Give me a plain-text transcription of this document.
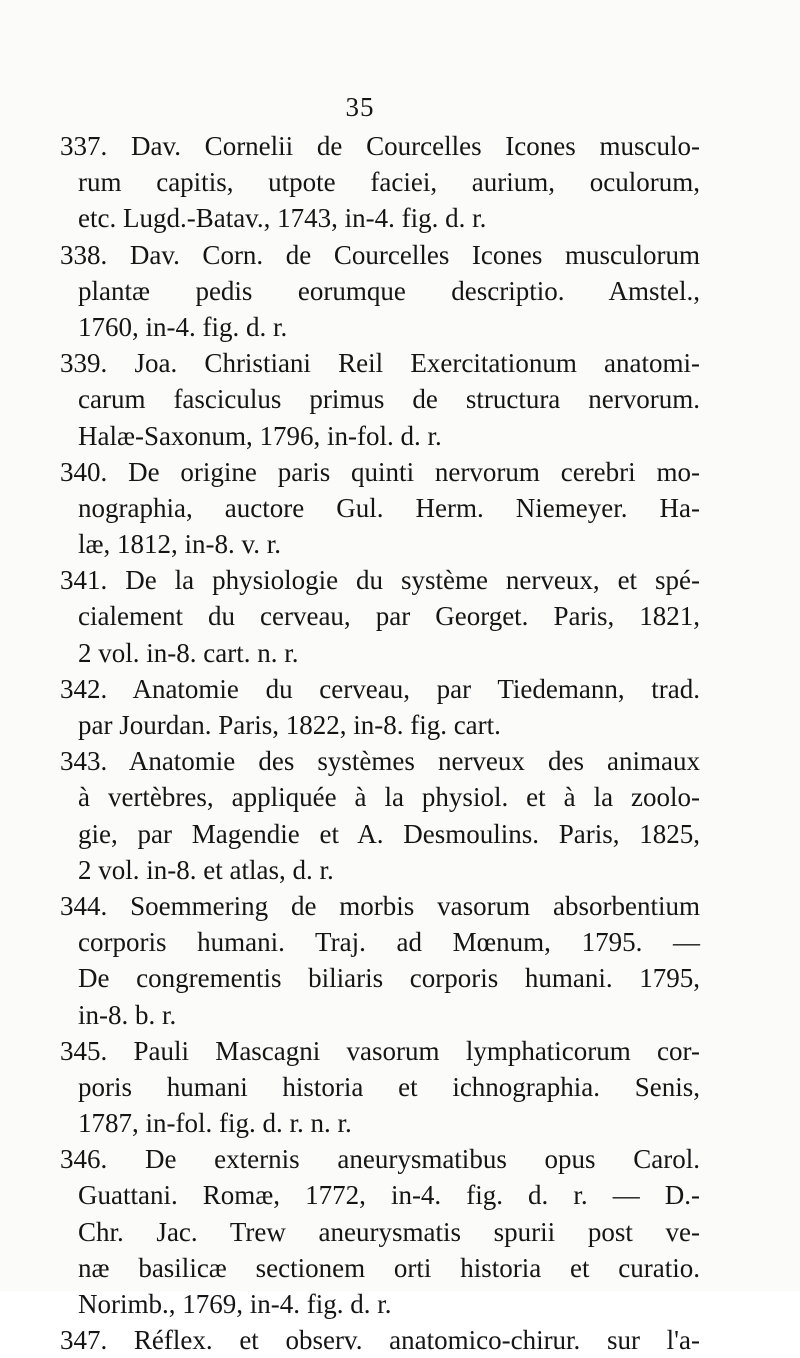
35
337. Dav. Cornelii de Courcelles Icones musculo-
rum capitis, utpote faciei, aurium, oculorum,
etc. Lugd.-Batav., 1743, in-4. fig. d. r.
338. Dav. Corn. de Courcelles Icones musculorum
plantæ pedis eorumque descriptio. Amstel.,
1760, in-4. fig. d. r.
339. Joa. Christiani Reil Exercitationum anatomi-
carum fasciculus primus de structura nervorum.
Halæ-Saxonum, 1796, in-fol. d. r.
340. De origine paris quinti nervorum cerebri mo-
nographia, auctore Gul. Herm. Niemeyer. Ha-
læ, 1812, in-8. v. r.
341. De la physiologie du système nerveux, et spé-
cialement du cerveau, par Georget. Paris, 1821,
2 vol. in-8. cart. n. r.
342. Anatomie du cerveau, par Tiedemann, trad.
par Jourdan. Paris, 1822, in-8. fig. cart.
343. Anatomie des systèmes nerveux des animaux
à vertèbres, appliquée à la physiol. et à la zoolo-
gie, par Magendie et A. Desmoulins. Paris, 1825,
2 vol. in-8. et atlas, d. r.
344. Soemmering de morbis vasorum absorbentium
corporis humani. Traj. ad Mœnum, 1795. —
De congrementis biliaris corporis humani. 1795,
in-8. b. r.
345. Pauli Mascagni vasorum lymphaticorum cor-
poris humani historia et ichnographia. Senis,
1787, in-fol. fig. d. r. n. r.
346. De externis aneurysmatibus opus Carol.
Guattani. Romæ, 1772, in-4. fig. d. r. — D.-
Chr. Jac. Trew aneurysmatis spurii post ve-
næ basilicæ sectionem orti historia et curatio.
Norimb., 1769, in-4. fig. d. r.
347. Réflex. et observ. anatomico-chirur. sur l'a-
